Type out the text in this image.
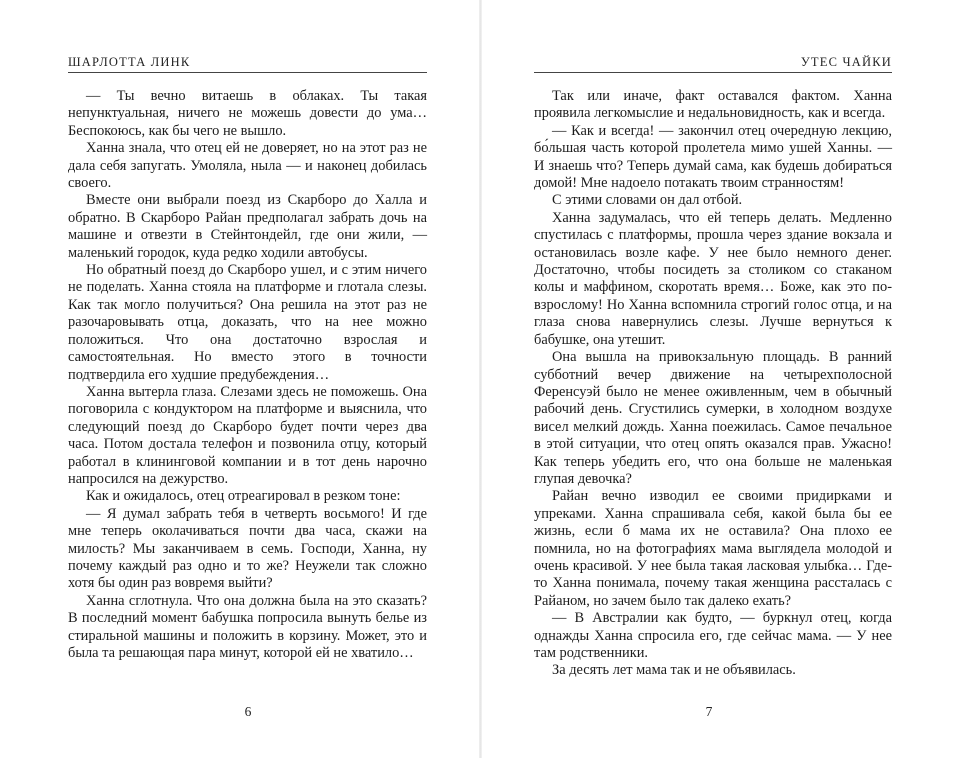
ШАРЛОТТА ЛИНК

— Ты вечно витаешь в облаках. Ты такая непунктуальная, ничего не можешь довести до ума… Беспокоюсь, как бы чего не вышло.

Ханна знала, что отец ей не доверяет, но на этот раз не дала себя запугать. Умоляла, ныла — и наконец добилась своего.

Вместе они выбрали поезд из Скарборо до Халла и обратно. В Скарборо Райан предполагал забрать дочь на машине и отвезти в Стейнтондейл, где они жили, — маленький городок, куда редко ходили автобусы.

Но обратный поезд до Скарборо ушел, и с этим ничего не поделать. Ханна стояла на платформе и глотала слезы. Как так могло получиться? Она решила на этот раз не разочаровывать отца, доказать, что на нее можно положиться. Что она достаточно взрослая и самостоятельная. Но вместо этого в точности подтвердила его худшие предубеждения…

Ханна вытерла глаза. Слезами здесь не поможешь. Она поговорила с кондуктором на платформе и выяснила, что следующий поезд до Скарборо будет почти через два часа. Потом достала телефон и позвонила отцу, который работал в клининговой компании и в тот день нарочно напросился на дежурство.

Как и ожидалось, отец отреагировал в резком тоне:

— Я думал забрать тебя в четверть восьмого! И где мне теперь околачиваться почти два часа, скажи на милость? Мы заканчиваем в семь. Господи, Ханна, ну почему каждый раз одно и то же? Неужели так сложно хотя бы один раз вовремя выйти?

Ханна сглотнула. Что она должна была на это сказать? В последний момент бабушка попросила вынуть белье из стиральной машины и положить в корзину. Может, это и была та решающая пара минут, которой ей не хватило…

6
УТЕС ЧАЙКИ

Так или иначе, факт оставался фактом. Ханна проявила легкомыслие и недальновидность, как и всегда.

— Как и всегда! — закончил отец очередную лекцию, бо́льшая часть которой пролетела мимо ушей Ханны. — И знаешь что? Теперь думай сама, как будешь добираться домой! Мне надоело потакать твоим странностям!

С этими словами он дал отбой.

Ханна задумалась, что ей теперь делать. Медленно спустилась с платформы, прошла через здание вокзала и остановилась возле кафе. У нее было немного денег. Достаточно, чтобы посидеть за столиком со стаканом колы и маффином, скоротать время… Боже, как это по-взрослому! Но Ханна вспомнила строгий голос отца, и на глаза снова навернулись слезы. Лучше вернуться к бабушке, она утешит.

Она вышла на привокзальную площадь. В ранний субботний вечер движение на четырехполосной Ференсуэй было не менее оживленным, чем в обычный рабочий день. Сгустились сумерки, в холодном воздухе висел мелкий дождь. Ханна поежилась. Самое печальное в этой ситуации, что отец опять оказался прав. Ужасно! Как теперь убедить его, что она больше не маленькая глупая девочка?

Райан вечно изводил ее своими придирками и упреками. Ханна спрашивала себя, какой была бы ее жизнь, если б мама их не оставила? Она плохо ее помнила, но на фотографиях мама выглядела молодой и очень красивой. У нее была такая ласковая улыбка… Где-то Ханна понимала, почему такая женщина рассталась с Райаном, но зачем было так далеко ехать?

— В Австралии как будто, — буркнул отец, когда однажды Ханна спросила его, где сейчас мама. — У нее там родственники.

За десять лет мама так и не объявилась.

7
